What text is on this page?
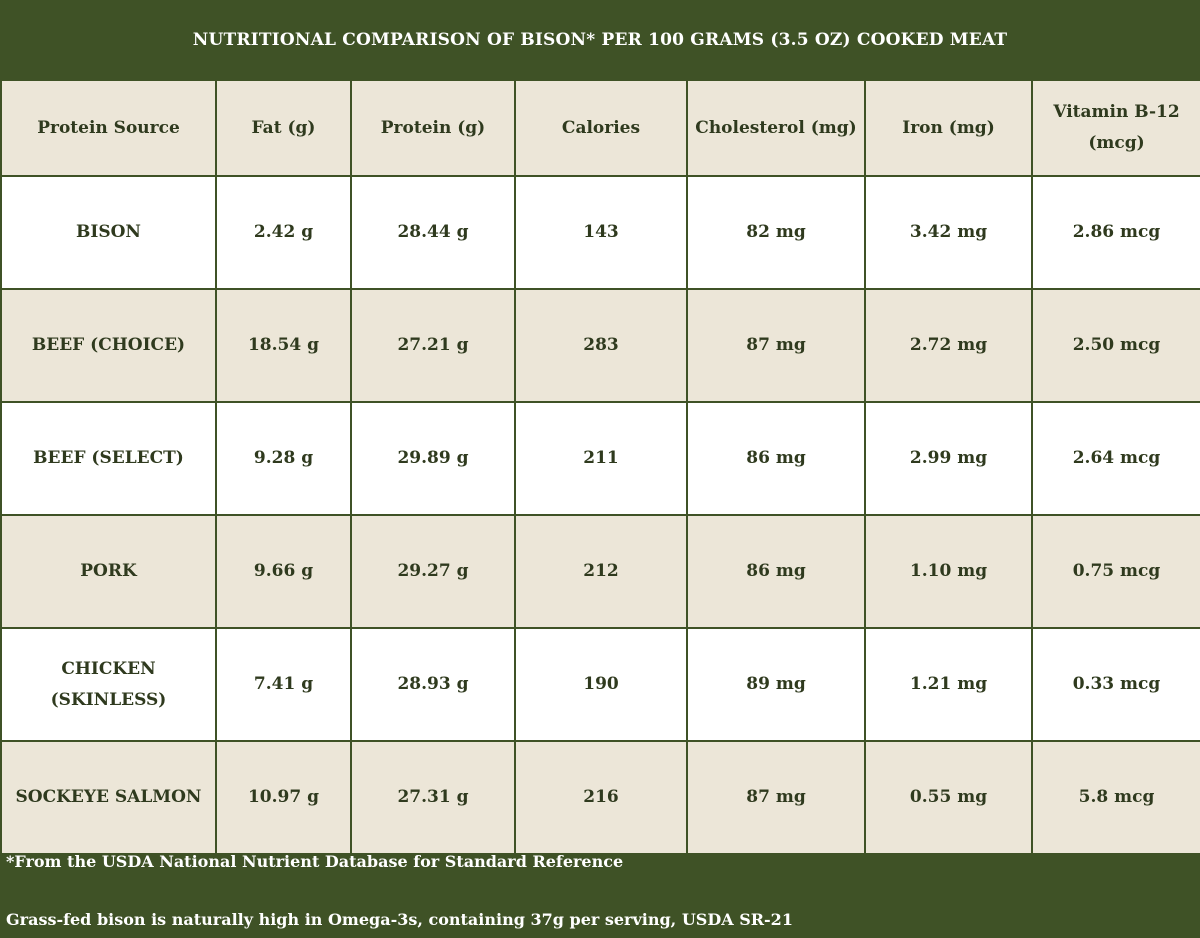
NUTRITIONAL COMPARISON OF BISON* PER 100 GRAMS (3.5 OZ) COOKED MEAT
Protein Source	Fat (g)	Protein (g)	Calories	Cholesterol (mg)	Iron (mg)	Vitamin B-12 (mcg)
BISON	2.42 g	28.44 g	143	82 mg	3.42 mg	2.86 mcg
BEEF (CHOICE)	18.54 g	27.21 g	283	87 mg	2.72 mg	2.50 mcg
BEEF (SELECT)	9.28 g	29.89 g	211	86 mg	2.99 mg	2.64 mcg
PORK	9.66 g	29.27 g	212	86 mg	1.10 mg	0.75 mcg
CHICKEN (SKINLESS)	7.41 g	28.93 g	190	89 mg	1.21 mg	0.33 mcg
SOCKEYE SALMON	10.97 g	27.31 g	216	87 mg	0.55 mg	5.8 mcg
*From the USDA National Nutrient Database for Standard Reference
Grass-fed bison is naturally high in Omega-3s, containing 37g per serving, USDA SR-21
